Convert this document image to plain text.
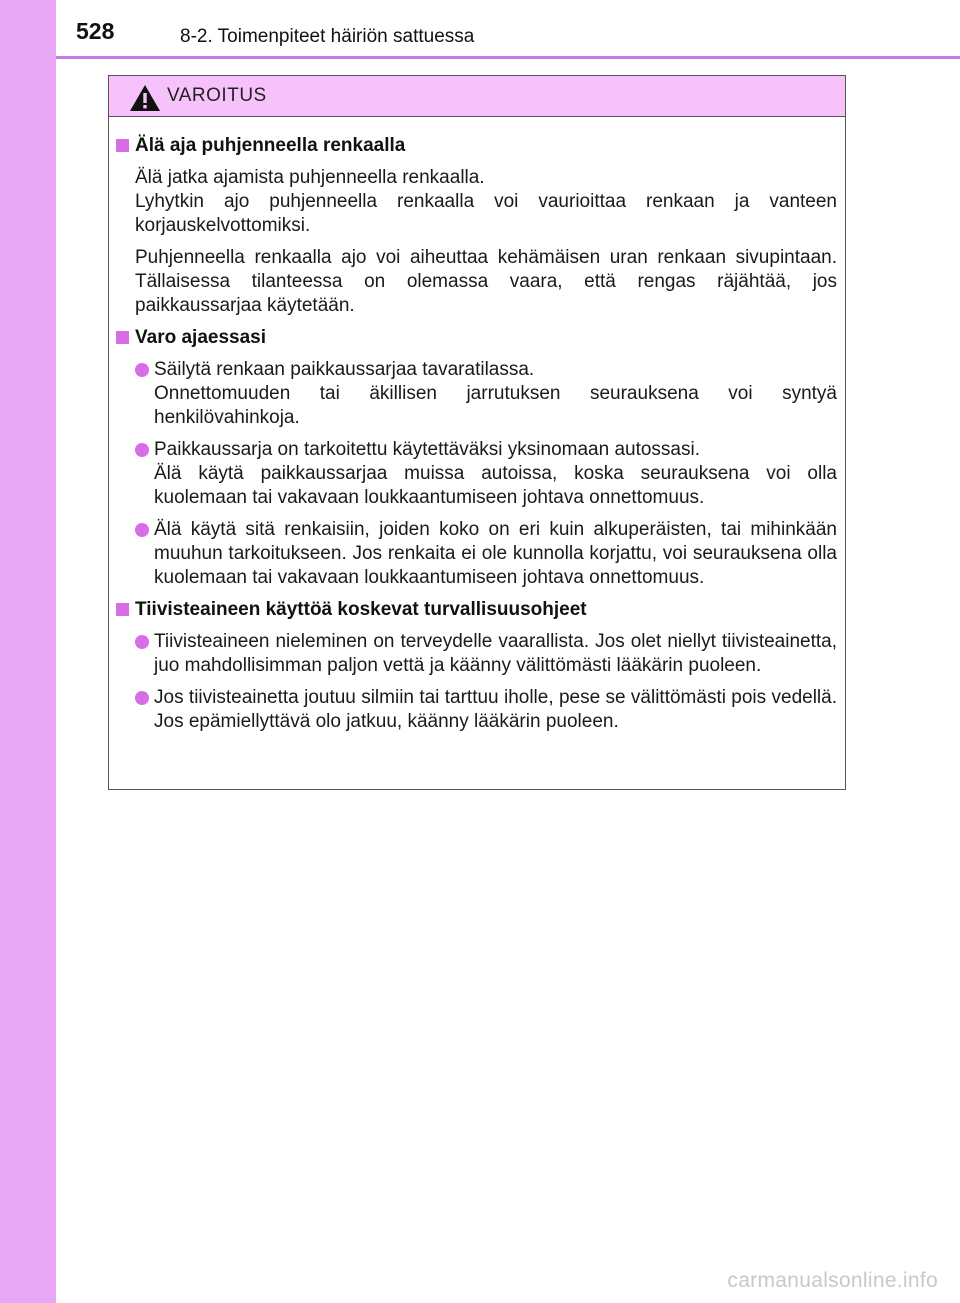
528	8-2. Toimenpiteet häiriön sattuessa
VAROITUS
Älä aja puhjenneella renkaalla

Älä jatka ajamista puhjenneella renkaalla.

Lyhytkin ajo puhjenneella renkaalla voi vaurioittaa renkaan ja vanteen korjauskelvottomiksi.

Puhjenneella renkaalla ajo voi aiheuttaa kehämäisen uran renkaan sivupintaan. Tällaisessa tilanteessa on olemassa vaara, että rengas räjähtää, jos paikkaussarjaa käytetään.

Varo ajaessasi

Säilytä renkaan paikkaussarjaa tavaratilassa.

Onnettomuuden tai äkillisen jarrutuksen seurauksena voi syntyä henkilövahinkoja.

Paikkaussarja on tarkoitettu käytettäväksi yksinomaan autossasi.

Älä käytä paikkaussarjaa muissa autoissa, koska seurauksena voi olla kuolemaan tai vakavaan loukkaantumiseen johtava onnettomuus.

Älä käytä sitä renkaisiin, joiden koko on eri kuin alkuperäisten, tai mihinkään muuhun tarkoitukseen. Jos renkaita ei ole kunnolla korjattu, voi seurauksena olla kuolemaan tai vakavaan loukkaantumiseen johtava onnettomuus.

Tiivisteaineen käyttöä koskevat turvallisuusohjeet

Tiivisteaineen nieleminen on terveydelle vaarallista. Jos olet niellyt tiivisteainetta, juo mahdollisimman paljon vettä ja käänny välittömästi lääkärin puoleen.

Jos tiivisteainetta joutuu silmiin tai tarttuu iholle, pese se välittömästi pois vedellä. Jos epämiellyttävä olo jatkuu, käänny lääkärin puoleen.

carmanualsonline.info
